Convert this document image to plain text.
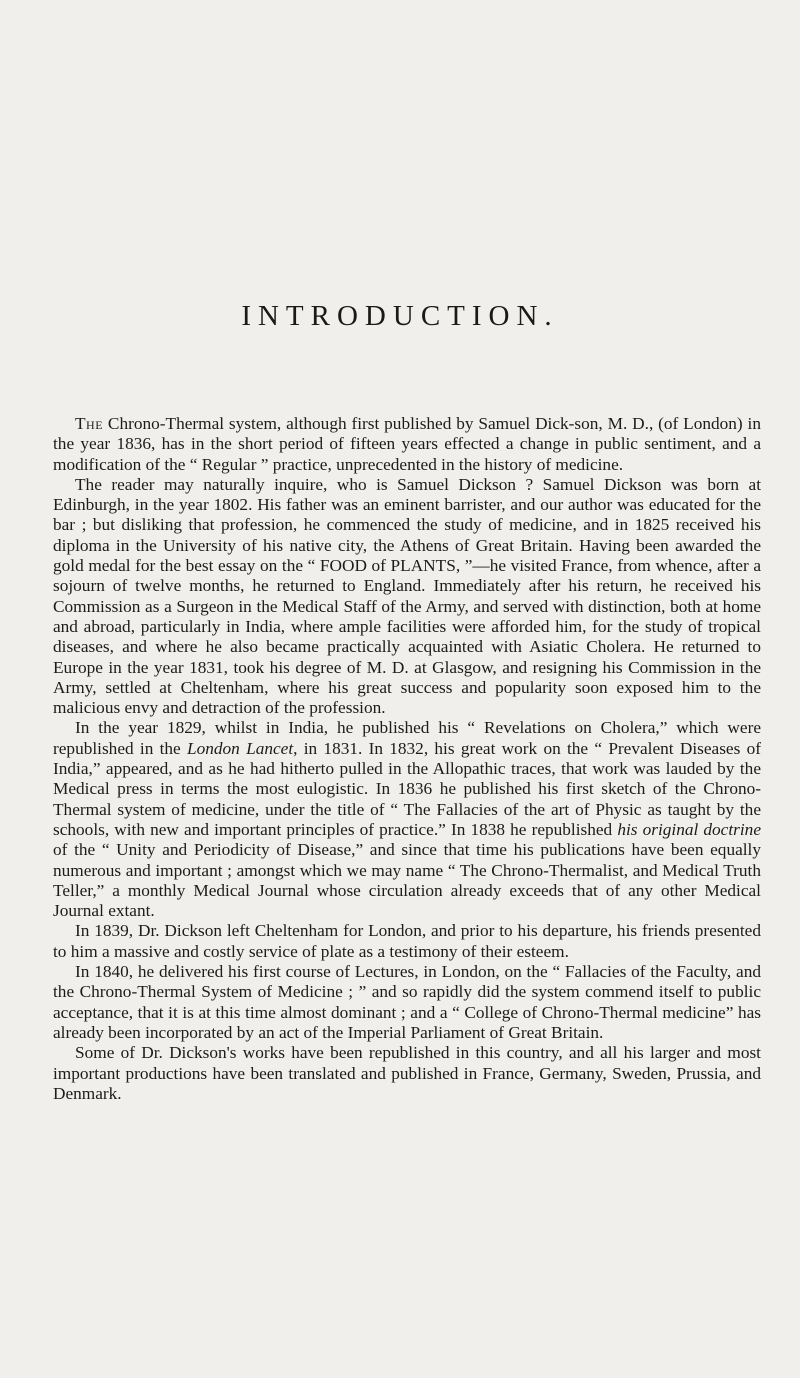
INTRODUCTION.

The Chrono-Thermal system, although first published by Samuel Dick-son, M. D., (of London) in the year 1836, has in the short period of fifteen years effected a change in public sentiment, and a modification of the “ Regular ” practice, unprecedented in the history of medicine.

The reader may naturally inquire, who is Samuel Dickson ? Samuel Dickson was born at Edinburgh, in the year 1802. His father was an eminent barrister, and our author was educated for the bar ; but disliking that profession, he commenced the study of medicine, and in 1825 received his diploma in the University of his native city, the Athens of Great Britain. Having been awarded the gold medal for the best essay on the “ FOOD of PLANTS, ”—he visited France, from whence, after a sojourn of twelve months, he returned to England. Immediately after his return, he received his Commission as a Surgeon in the Medical Staff of the Army, and served with distinction, both at home and abroad, particularly in India, where ample facilities were afforded him, for the study of tropical diseases, and where he also became practically acquainted with Asiatic Cholera. He returned to Europe in the year 1831, took his degree of M. D. at Glasgow, and resigning his Commission in the Army, settled at Cheltenham, where his great success and popularity soon exposed him to the malicious envy and detraction of the profession.

In the year 1829, whilst in India, he published his “ Revelations on Cholera,” which were republished in the London Lancet, in 1831. In 1832, his great work on the “ Prevalent Diseases of India,” appeared, and as he had hitherto pulled in the Allopathic traces, that work was lauded by the Medical press in terms the most eulogistic. In 1836 he published his first sketch of the Chrono-Thermal system of medicine, under the title of “ The Fallacies of the art of Physic as taught by the schools, with new and important principles of practice.” In 1838 he republished his original doctrine of the “ Unity and Periodicity of Disease,” and since that time his publications have been equally numerous and important ; amongst which we may name “ The Chrono-Thermalist, and Medical Truth Teller,” a monthly Medical Journal whose circulation already exceeds that of any other Medical Journal extant.

In 1839, Dr. Dickson left Cheltenham for London, and prior to his departure, his friends presented to him a massive and costly service of plate as a testimony of their esteem.

In 1840, he delivered his first course of Lectures, in London, on the “ Fallacies of the Faculty, and the Chrono-Thermal System of Medicine ; ” and so rapidly did the system commend itself to public acceptance, that it is at this time almost dominant ; and a “ College of Chrono-Thermal medicine” has already been incorporated by an act of the Imperial Parliament of Great Britain.

Some of Dr. Dickson's works have been republished in this country, and all his larger and most important productions have been translated and published in France, Germany, Sweden, Prussia, and Denmark.
